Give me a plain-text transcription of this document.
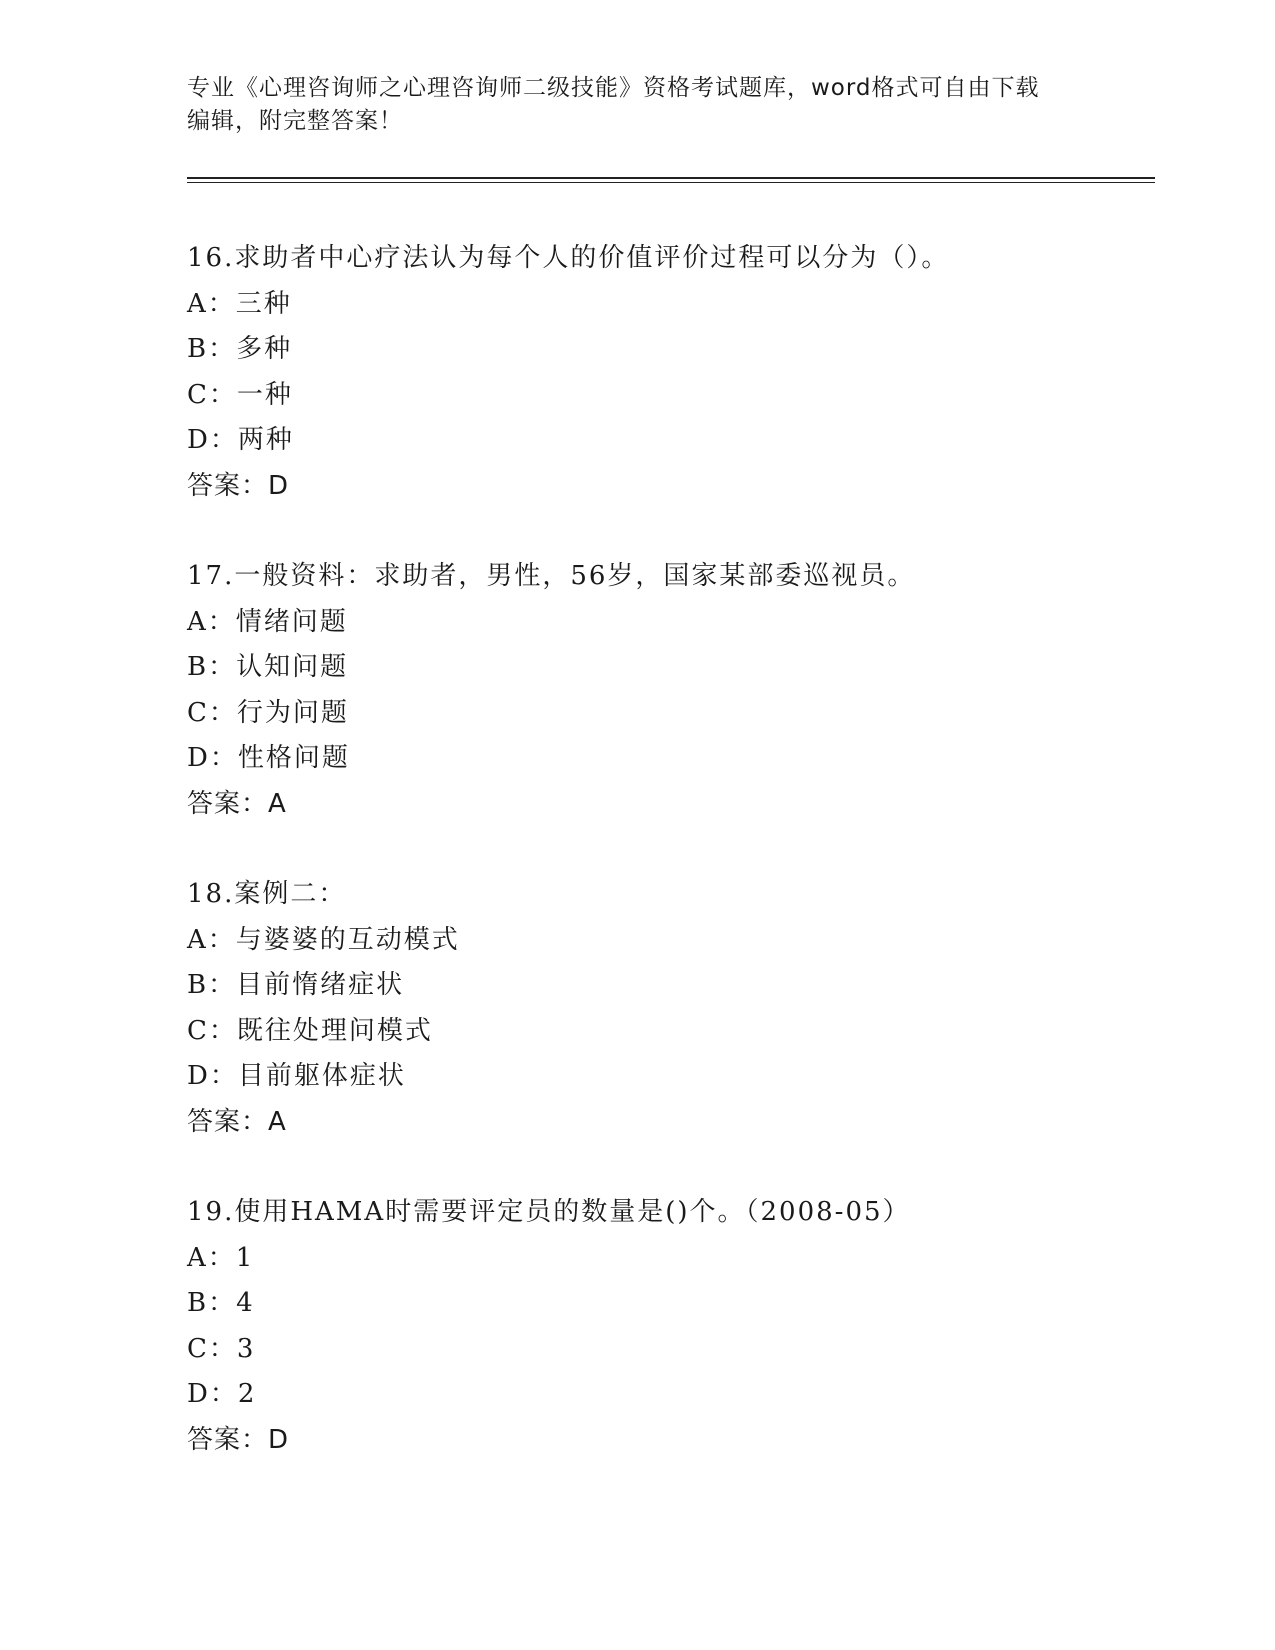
专业《心理咨询师之心理咨询师二级技能》资格考试题库，word格式可自由下载
编辑，附完整答案！
16.求助者中心疗法认为每个人的价值评价过程可以分为（）。
A：三种
B：多种
C：一种
D：两种
答案：D
17.一般资料：求助者，男性，56岁，国家某部委巡视员。
A：情绪问题
B：认知问题
C：行为问题
D：性格问题
答案：A
18.案例二：
A：与婆婆的互动模式
B：目前惰绪症状
C：既往处理问模式
D：目前躯体症状
答案：A
19.使用HAMA时需要评定员的数量是()个。（2008-05）
A：1
B：4
C：3
D：2
答案：D
